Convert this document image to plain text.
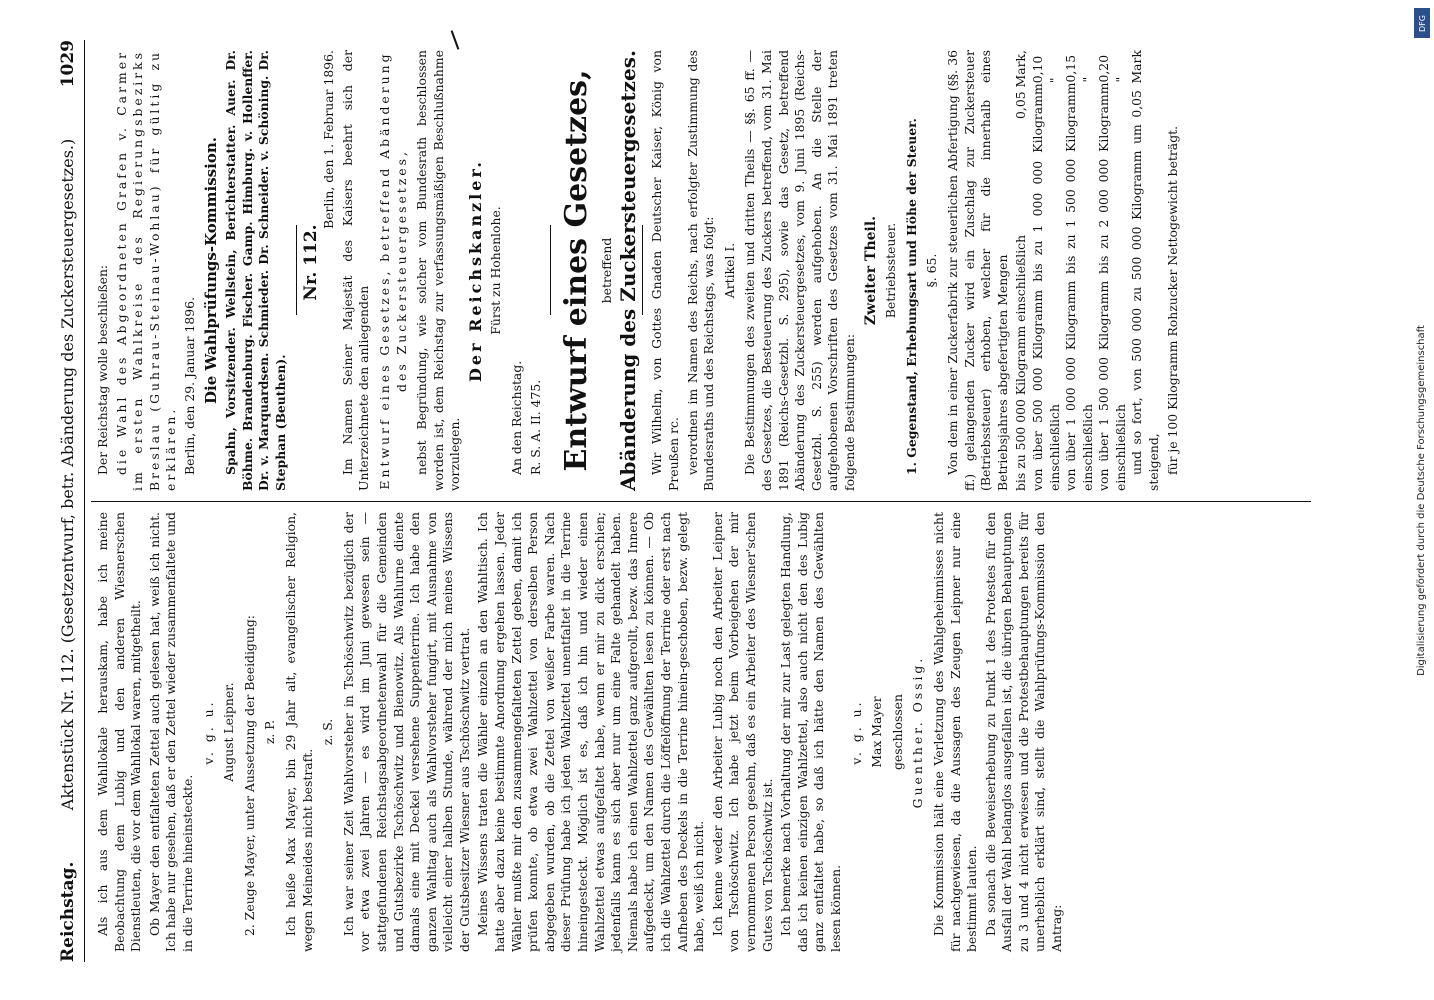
Reichstag.
Aktenstück Nr. 112. (Gesetzentwurf, betr. Abänderung des Zuckersteuergesetzes.)
1029

Als ich aus dem Wahllokale herauskam, habe ich meine Beobachtung dem Lubig und den anderen Wiesnerschen Dienstleuten, die vor dem Wahllokal waren, mitgetheilt. Ob Mayer den entfalteten Zettel auch gelesen hat, weiß ich nicht. Ich habe nur gesehen, daß er den Zettel wieder zusammenfaltete und in die Terrine hineinsteckte.

v. g. u. August Leipner. 2. Zeuge Mayer, unter Aussetzung der Beeidigung: z. P. Ich heiße Max Mayer, bin 29 Jahr alt, evangelischer Religion, wegen Meineides nicht bestraft.

z. S. Ich war seiner Zeit Wahlvorsteher in Tschöschwitz bezüglich der vor etwa zwei Jahren — es wird im Juni gewesen sein — stattgefundenen Reichstagsabgeordnetenwahl für die Gemeinden und Gutsbezirke Tschöschwitz und Bienowitz. Als Wahlurne diente damals eine mit Deckel versehene Suppenterrine. Ich habe den ganzen Wahltag auch als Wahlvorsteher fungirt, mit Ausnahme von vielleicht einer halben Stunde, während der mich meines Wissens der Gutsbesitzer Wiesner aus Tschöschwitz vertrat. Meines Wissens traten die Wähler einzeln an den Wahltisch. Ich hatte aber dazu keine bestimmte Anordnung ergehen lassen. Jeder Wähler mußte mir den zusammengefalteten Zettel geben, damit ich prüfen konnte, ob etwa zwei Wahlzettel von derselben Person abgegeben wurden, ob die Zettel von weißer Farbe waren. Nach dieser Prüfung habe ich jeden Wahlzettel unentfaltet in die Terrine hineingesteckt. Möglich ist es, daß ich hin und wieder einen Wahlzettel etwas aufgefaltet habe, wenn er mir zu dick erschien; jedenfalls kann es sich aber nur um eine Falte gehandelt haben. Niemals habe ich einen Wahlzettel ganz aufgerollt, bezw. das Innere aufgedeckt, um den Namen des Gewählten lesen zu können. — Ob ich die Wahlzettel durch die Löffelöffnung der Terrine oder erst nach Aufheben des Deckels in die Terrine hinein-geschoben, bezw. gelegt habe, weiß ich nicht. Ich kenne weder den Arbeiter Lubig noch den Arbeiter Leipner von Tschöschwitz. Ich habe jetzt beim Vorbeigehen der mir vernommenen Person gesehn, daß es ein Arbeiter des Wiesner'schen Gutes von Tschöschwitz ist. Ich bemerke nach Vorhaltung der mir zur Last gelegten Handlung, daß ich keinen einzigen Wahlzettel, also auch nicht den des Lubig ganz entfaltet habe, so daß ich hätte den Namen des Gewählten lesen können.

v. g. u. Max Mayer geschlossen Guenther. Ossig. Die Kommission hält eine Verletzung des Wahlgeheimnisses nicht für nachgewiesen, da die Aussagen des Zeugen Leipner nur eine bestimmt lauten. Da sonach die Beweiserhebung zu Punkt 1 des Protestes für den Ausfall der Wahl belanglos ausgefallen ist, die übrigen Behauptungen zu 3 und 4 nicht erwiesen und die Protestbehauptungen bereits für unerheblich erklärt sind, stellt die Wahlprüfungs-Kommission den Antrag:

Der Reichstag wolle beschließen: die Wahl des Abgeordneten Grafen v. Carmer im ersten Wahlkreise des Regierungsbezirks Breslau (Guhrau-Steinau-Wohlau) für gültig zu erklären. Berlin, den 29. Januar 1896. Die Wahlprüfungs-Kommission. Spahn, Vorsitzender. Wellstein, Berichterstatter. Auer. Dr. Böhme. Brandenburg. Fischer. Gamp. Himburg. v. Hollenffer. Dr. v. Marquardsen. Schmieder. Dr. Schneider. v. Schöning. Dr. Stephan (Beuthen).

Nr. 112.

Berlin, den 1. Februar 1896. Im Namen Seiner Majestät des Kaisers beehrt sich der Unterzeichnete den anliegenden Entwurf eines Gesetzes, betreffend Abänderung des Zuckersteuergesetzes, nebst Begründung, wie solcher vom Bundesrath beschlossen worden ist, dem Reichstag zur verfassungsmäßigen Beschlußnahme vorzulegen.

Der Reichskanzler. Fürst zu Hohenlohe.

An den Reichstag. R. S. A. II. 475. Entwurf eines Gesetzes, betreffend Abänderung des Zuckersteuergesetzes. Wir Wilhelm, von Gottes Gnaden Deutscher Kaiser, König von Preußen rc. verordnen im Namen des Reichs, nach erfolgter Zustimmung des Bundesraths und des Reichstags, was folgt: Artikel I. Die Bestimmungen des zweiten und dritten Theils — §§. 65 ff. — des Gesetzes, die Besteuerung des Zuckers betreffend, vom 31. Mai 1891 (Reichs-Gesetzbl. S. 295), sowie das Gesetz, betreffend Abänderung des Zuckersteuergesetzes, vom 9. Juni 1895 (Reichs-Gesetzbl. S. 255) werden aufgehoben. An die Stelle der aufgehobenen Vorschriften des Gesetzes vom 31. Mai 1891 treten folgende Bestimmungen:

Zweiter Theil. Betriebssteuer. 1. Gegenstand, Erhebungsart und Höhe der Steuer. §. 65. Von dem in einer Zuckerfabrik zur steuerlichen Abfertigung (§§. 36 ff.) gelangenden Zucker wird ein Zuschlag zur Zuckersteuer (Betriebssteuer) erhoben, welcher für die innerhalb eines Betriebsjahres abgefertigten Mengen bis zu 500 000 Kilogramm einschließlich
0,05 Mark, von über 500 000 Kilogramm bis zu 1 000 000 Kilogramm einschließlich
0,10 "
von über 1 000 000 Kilogramm bis zu 1 500 000 Kilogramm einschließlich
0,15 "
von über 1 500 000 Kilogramm bis zu 2 000 000 Kilogramm einschließlich
0,20 " und so fort, von 500 000 zu 500 000 Kilogramm um 0,05 Mark steigend, für je 100 Kilogramm Rohzucker Nettogewicht beträgt.

DFG
Digitalisierung gefördert durch die Deutsche Forschungsgemeinschaft
